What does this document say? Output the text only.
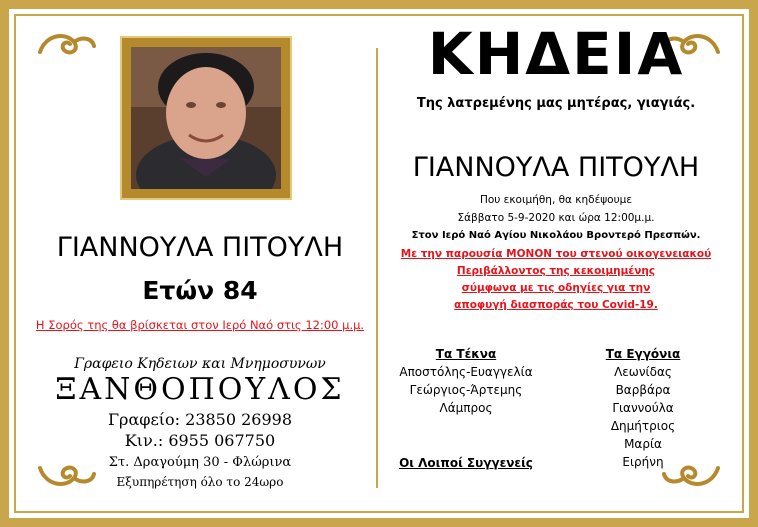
ΓΙΑΝΝΟΥΛΑ ΠΙΤΟΥΛΗ
Ετών 84
Η Σορός της θα βρίσκεται στον Ιερό Ναό στις 12:00 μ.μ.
Γραφειο Κηδειων και Μνημοσυνων
ΞΑΝΘΟΠΟΥΛΟΣ
Γραφείο: 23850 26998
Κιν.: 6955 067750
Στ. Δραγούμη 30 - Φλώρινα
Εξυπηρέτηση όλο το 24ωρο
ΚΗΔΕΙΑ
Της λατρεμένης μας μητέρας, γιαγιάς.
ΓΙΑΝΝΟΥΛΑ ΠΙΤΟΥΛΗ
Που εκοιμήθη, θα κηδέψουμε
Σάββατο 5-9-2020 και ώρα 12:00μ.μ.
Στον Ιερό Ναό Αγίου Νικολάου Βροντερό Πρεσπών.
Με την παρουσία ΜΟΝΟΝ του στενού οικογενειακού
Περιβάλλοντος της κεκοιμημένης
σύμφωνα με τις οδηγίες για την
αποφυγή διασποράς του Covid-19.
Τα Τέκνα
Αποστόλης-Ευαγγελία
Γεώργιος-Άρτεμης
Λάμπρος
Τα Εγγόνια
Λεωνίδας
Βαρβάρα
Γιαννούλα
Δημήτριος
Μαρία
Ειρήνη
Οι Λοιποί Συγγενείς
